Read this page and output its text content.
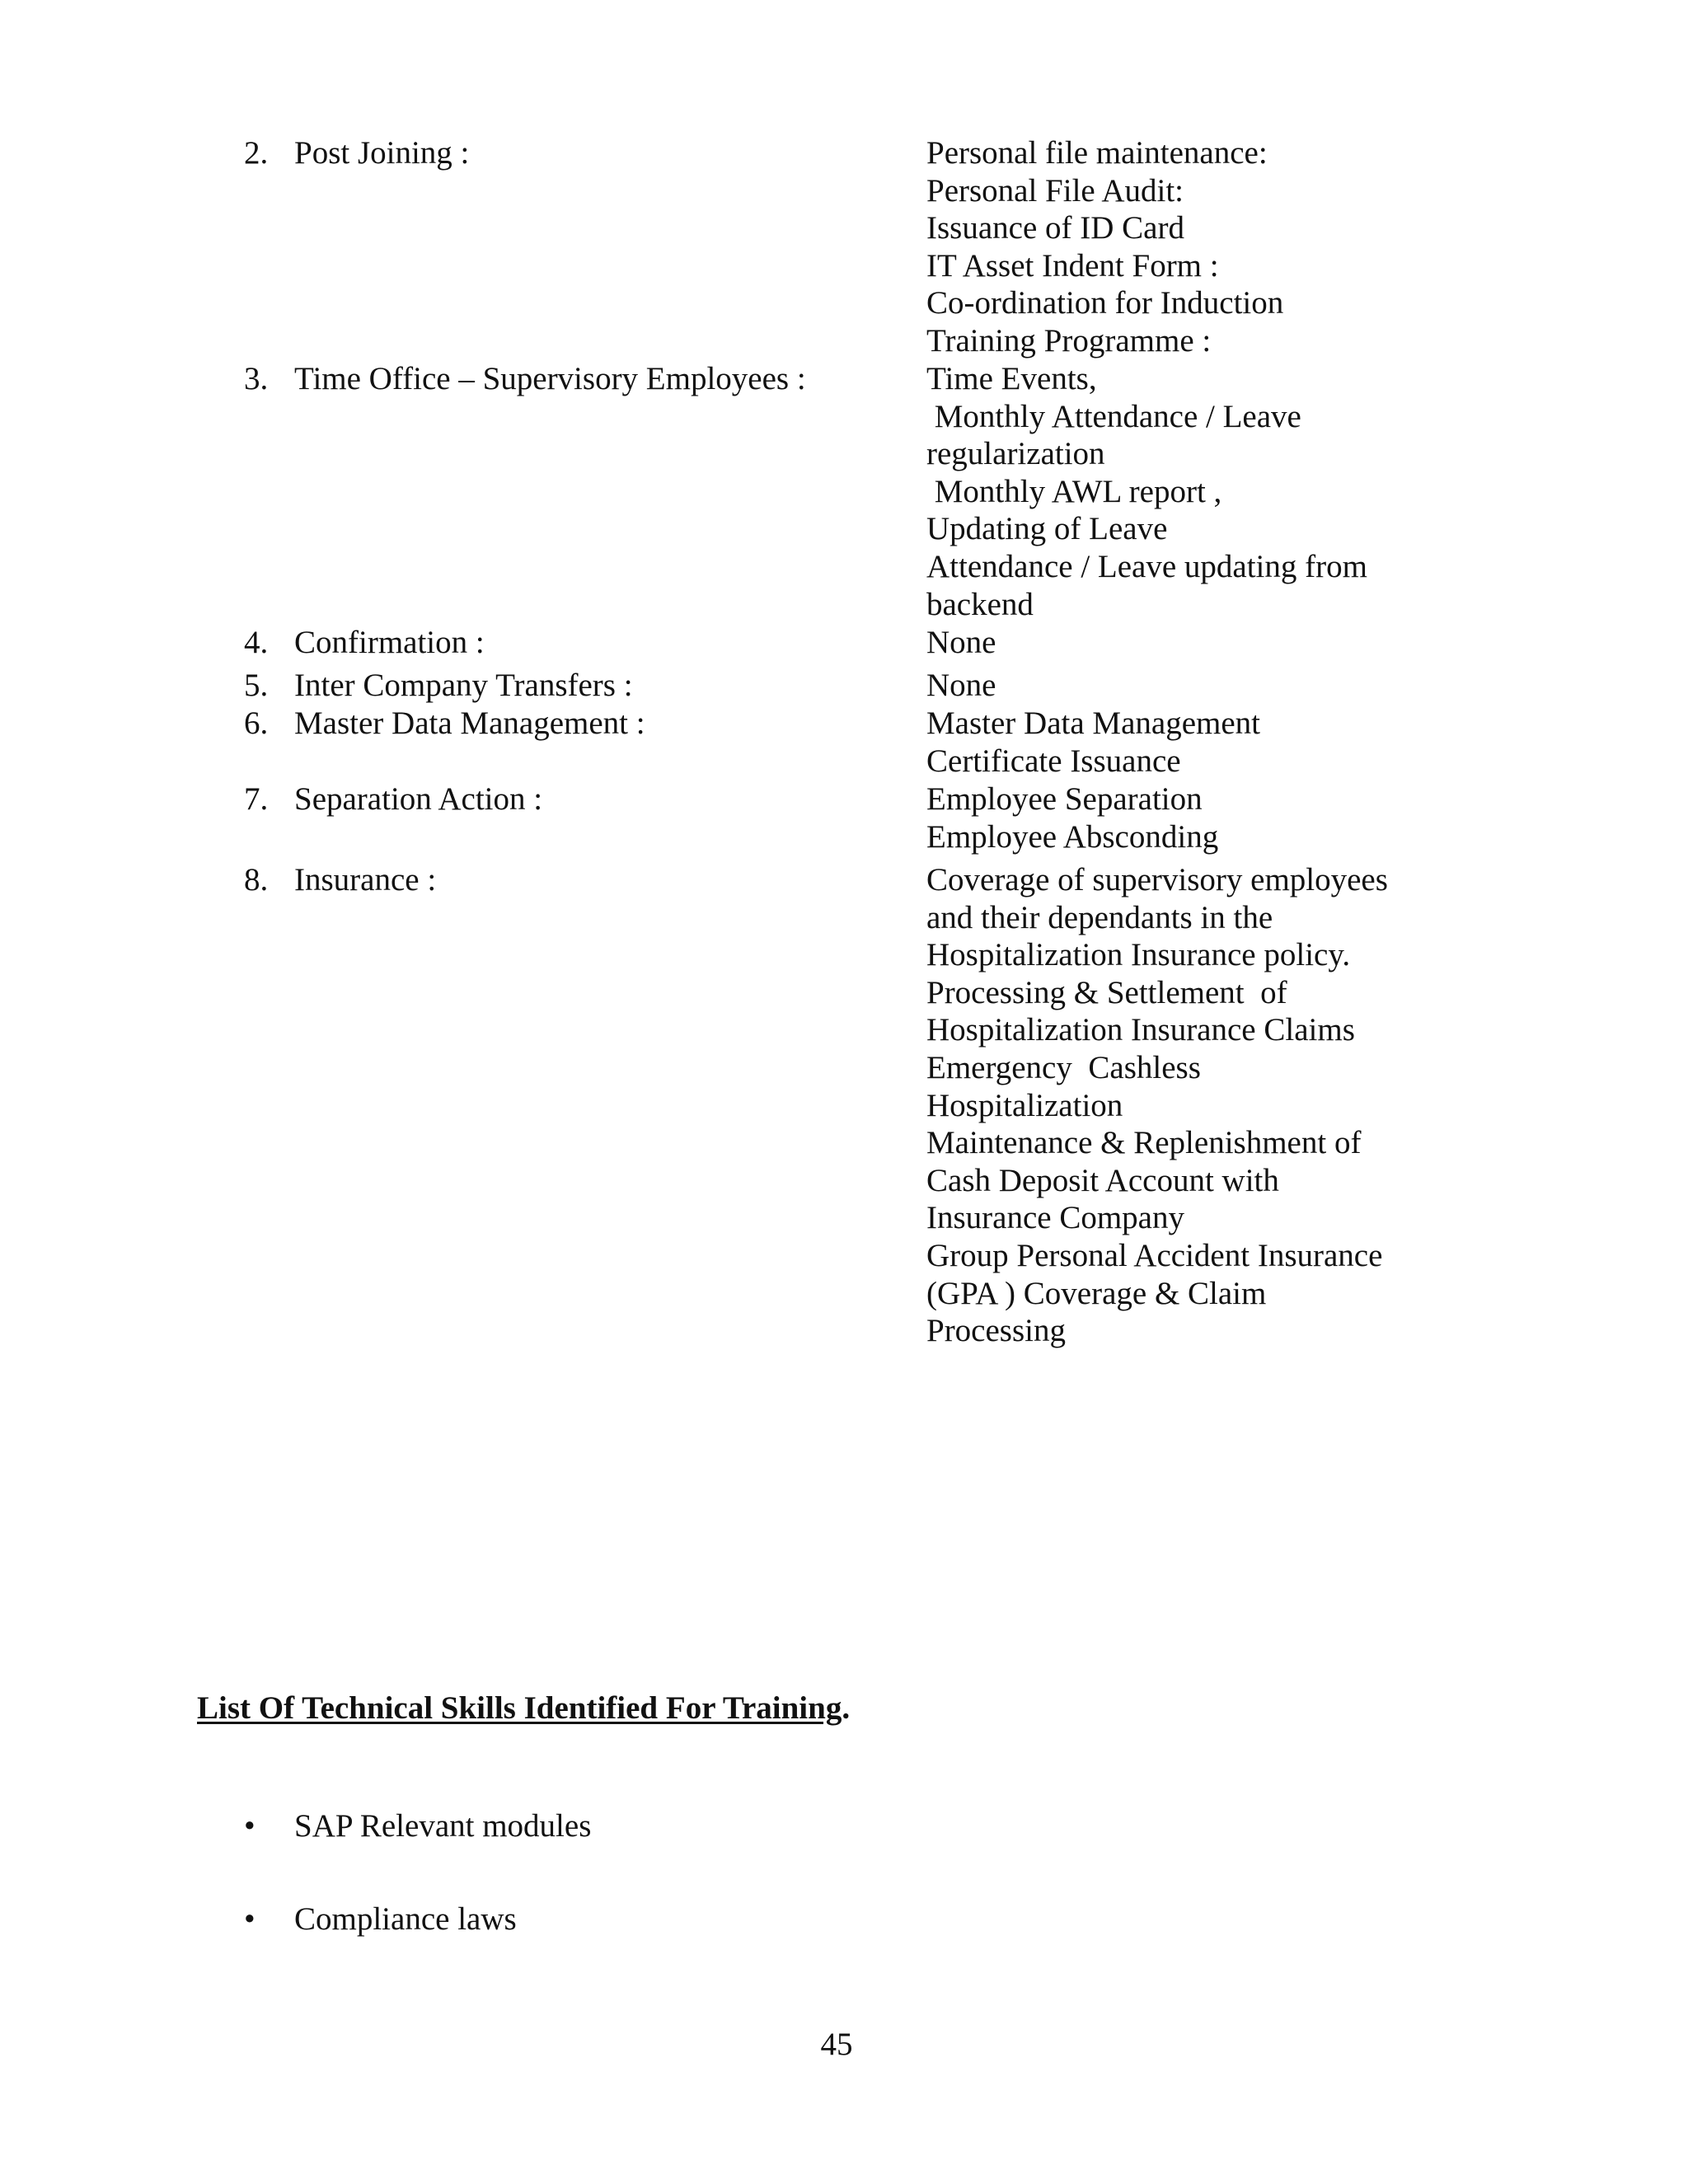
2. Post Joining :	Personal file maintenance:
Personal File Audit:
Issuance of ID Card
IT Asset Indent Form :
Co-ordination for Induction
Training Programme :
3. Time Office – Supervisory Employees :	Time Events,
Monthly Attendance / Leave
regularization
Monthly AWL report ,
Updating of Leave
Attendance / Leave updating from
backend
4. Confirmation :	None
5. Inter Company Transfers :	None
6. Master Data Management :	Master Data Management
Certificate Issuance
7. Separation Action :	Employee Separation
Employee Absconding
8. Insurance :	Coverage of supervisory employees
and their dependants in the
Hospitalization Insurance policy.
Processing & Settlement  of
Hospitalization Insurance Claims
Emergency  Cashless
Hospitalization
Maintenance & Replenishment of
Cash Deposit Account with
Insurance Company
Group Personal Accident Insurance
(GPA ) Coverage & Claim
Processing
List Of Technical Skills Identified For Training.
• SAP Relevant modules
• Compliance laws
45
